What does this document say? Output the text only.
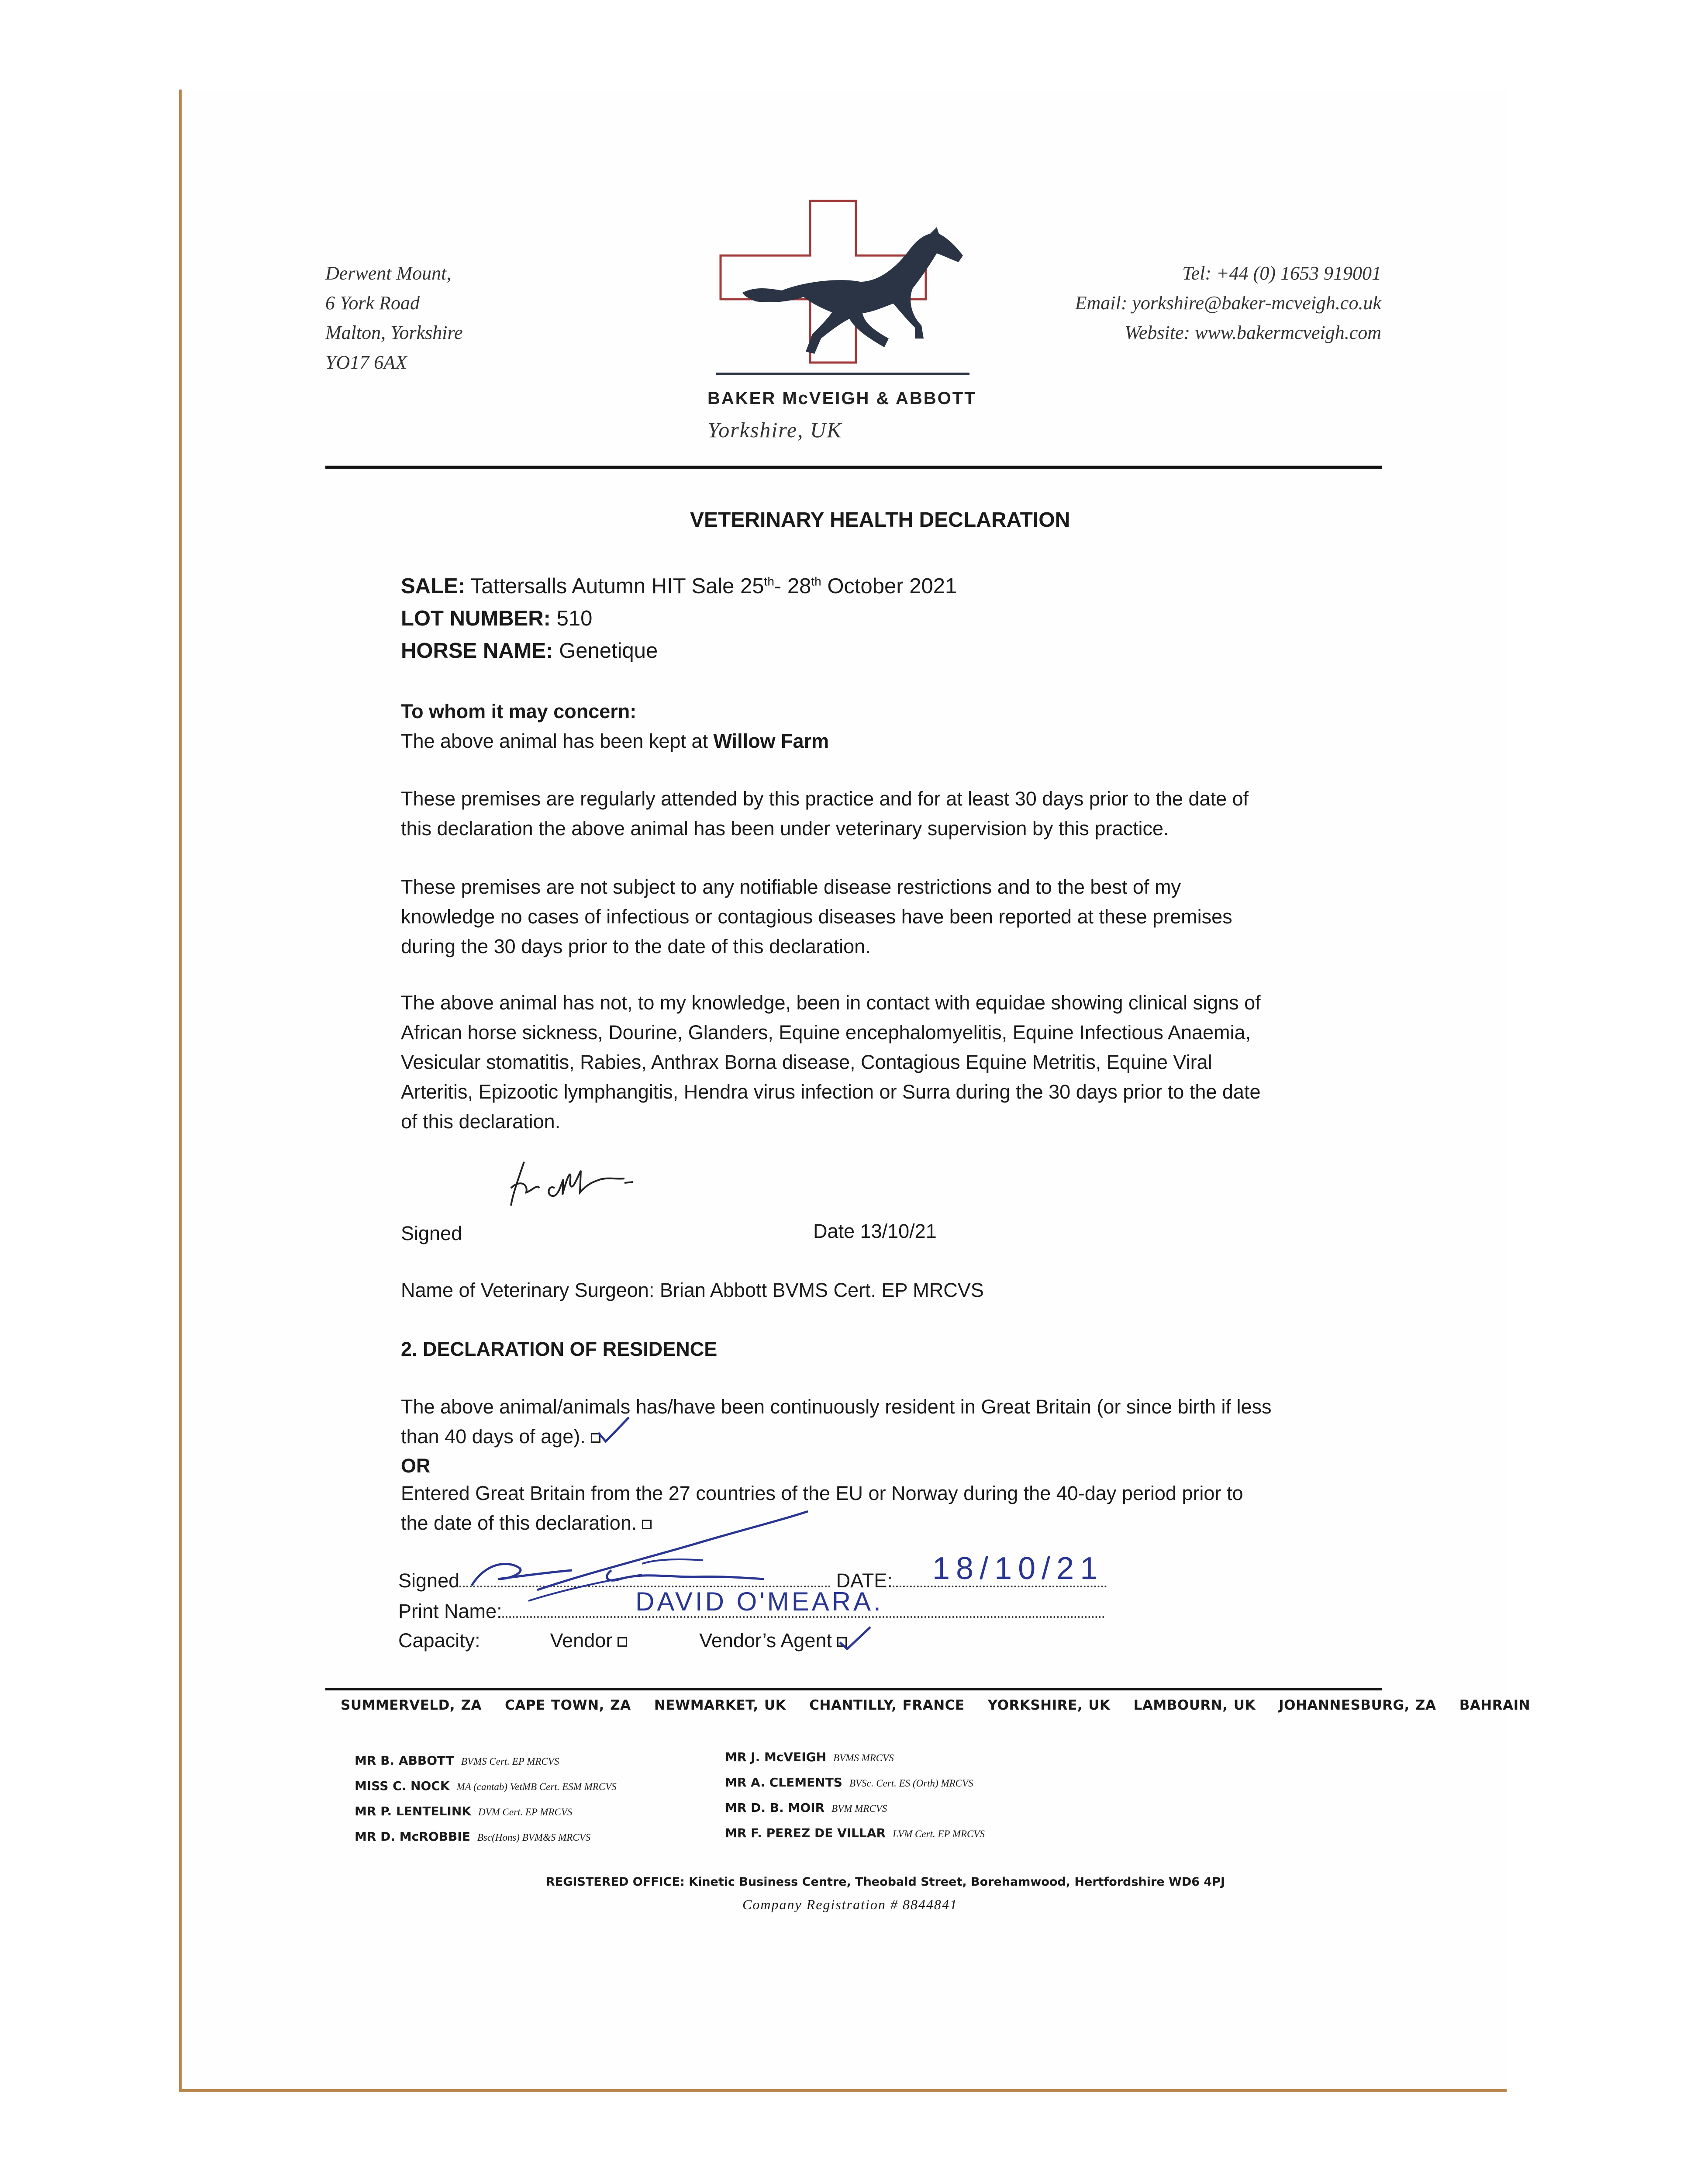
Derwent Mount,
6 York Road
Malton, Yorkshire
YO17 6AX
Tel: +44 (0) 1653 919001
Email: yorkshire@baker-mcveigh.co.uk
Website: www.bakermcveigh.com
BAKER McVEIGH & ABBOTT
Yorkshire, UK
VETERINARY HEALTH DECLARATION
SALE: Tattersalls Autumn HIT Sale 25th- 28th October 2021
LOT NUMBER: 510
HORSE NAME: Genetique
To whom it may concern:
The above animal has been kept at Willow Farm
These premises are regularly attended by this practice and for at least 30 days prior to the date of
this declaration the above animal has been under veterinary supervision by this practice.
These premises are not subject to any notifiable disease restrictions and to the best of my
knowledge no cases of infectious or contagious diseases have been reported at these premises
during the 30 days prior to the date of this declaration.
The above animal has not, to my knowledge, been in contact with equidae showing clinical signs of
African horse sickness, Dourine, Glanders, Equine encephalomyelitis, Equine Infectious Anaemia,
Vesicular stomatitis, Rabies, Anthrax Borna disease, Contagious Equine Metritis, Equine Viral
Arteritis, Epizootic lymphangitis, Hendra virus infection or Surra during the 30 days prior to the date
of this declaration.
Signed	Date 13/10/21
Name of Veterinary Surgeon: Brian Abbott BVMS Cert. EP MRCVS
2. DECLARATION OF RESIDENCE
The above animal/animals has/have been continuously resident in Great Britain (or since birth if less
than 40 days of age).
OR
Entered Great Britain from the 27 countries of the EU or Norway during the 40-day period prior to
the date of this declaration.
Signed	DATE:	18/10/21
Print Name:	DAVID O'MEARA.
Capacity:	Vendor	Vendor’s Agent
SUMMERVELD, ZA CAPE TOWN, ZA NEWMARKET, UK CHANTILLY, FRANCE YORKSHIRE, UK LAMBOURN, UK JOHANNESBURG, ZA BAHRAIN
MR B. ABBOTT BVMS Cert. EP MRCVS
MISS C. NOCK MA (cantab) VetMB Cert. ESM MRCVS
MR P. LENTELINK DVM Cert. EP MRCVS
MR D. McROBBIE Bsc(Hons) BVM&S MRCVS
MR J. McVEIGH BVMS MRCVS
MR A. CLEMENTS BVSc. Cert. ES (Orth) MRCVS
MR D. B. MOIR BVM MRCVS
MR F. PEREZ DE VILLAR LVM Cert. EP MRCVS
REGISTERED OFFICE: Kinetic Business Centre, Theobald Street, Borehamwood, Hertfordshire WD6 4PJ
Company Registration # 8844841
